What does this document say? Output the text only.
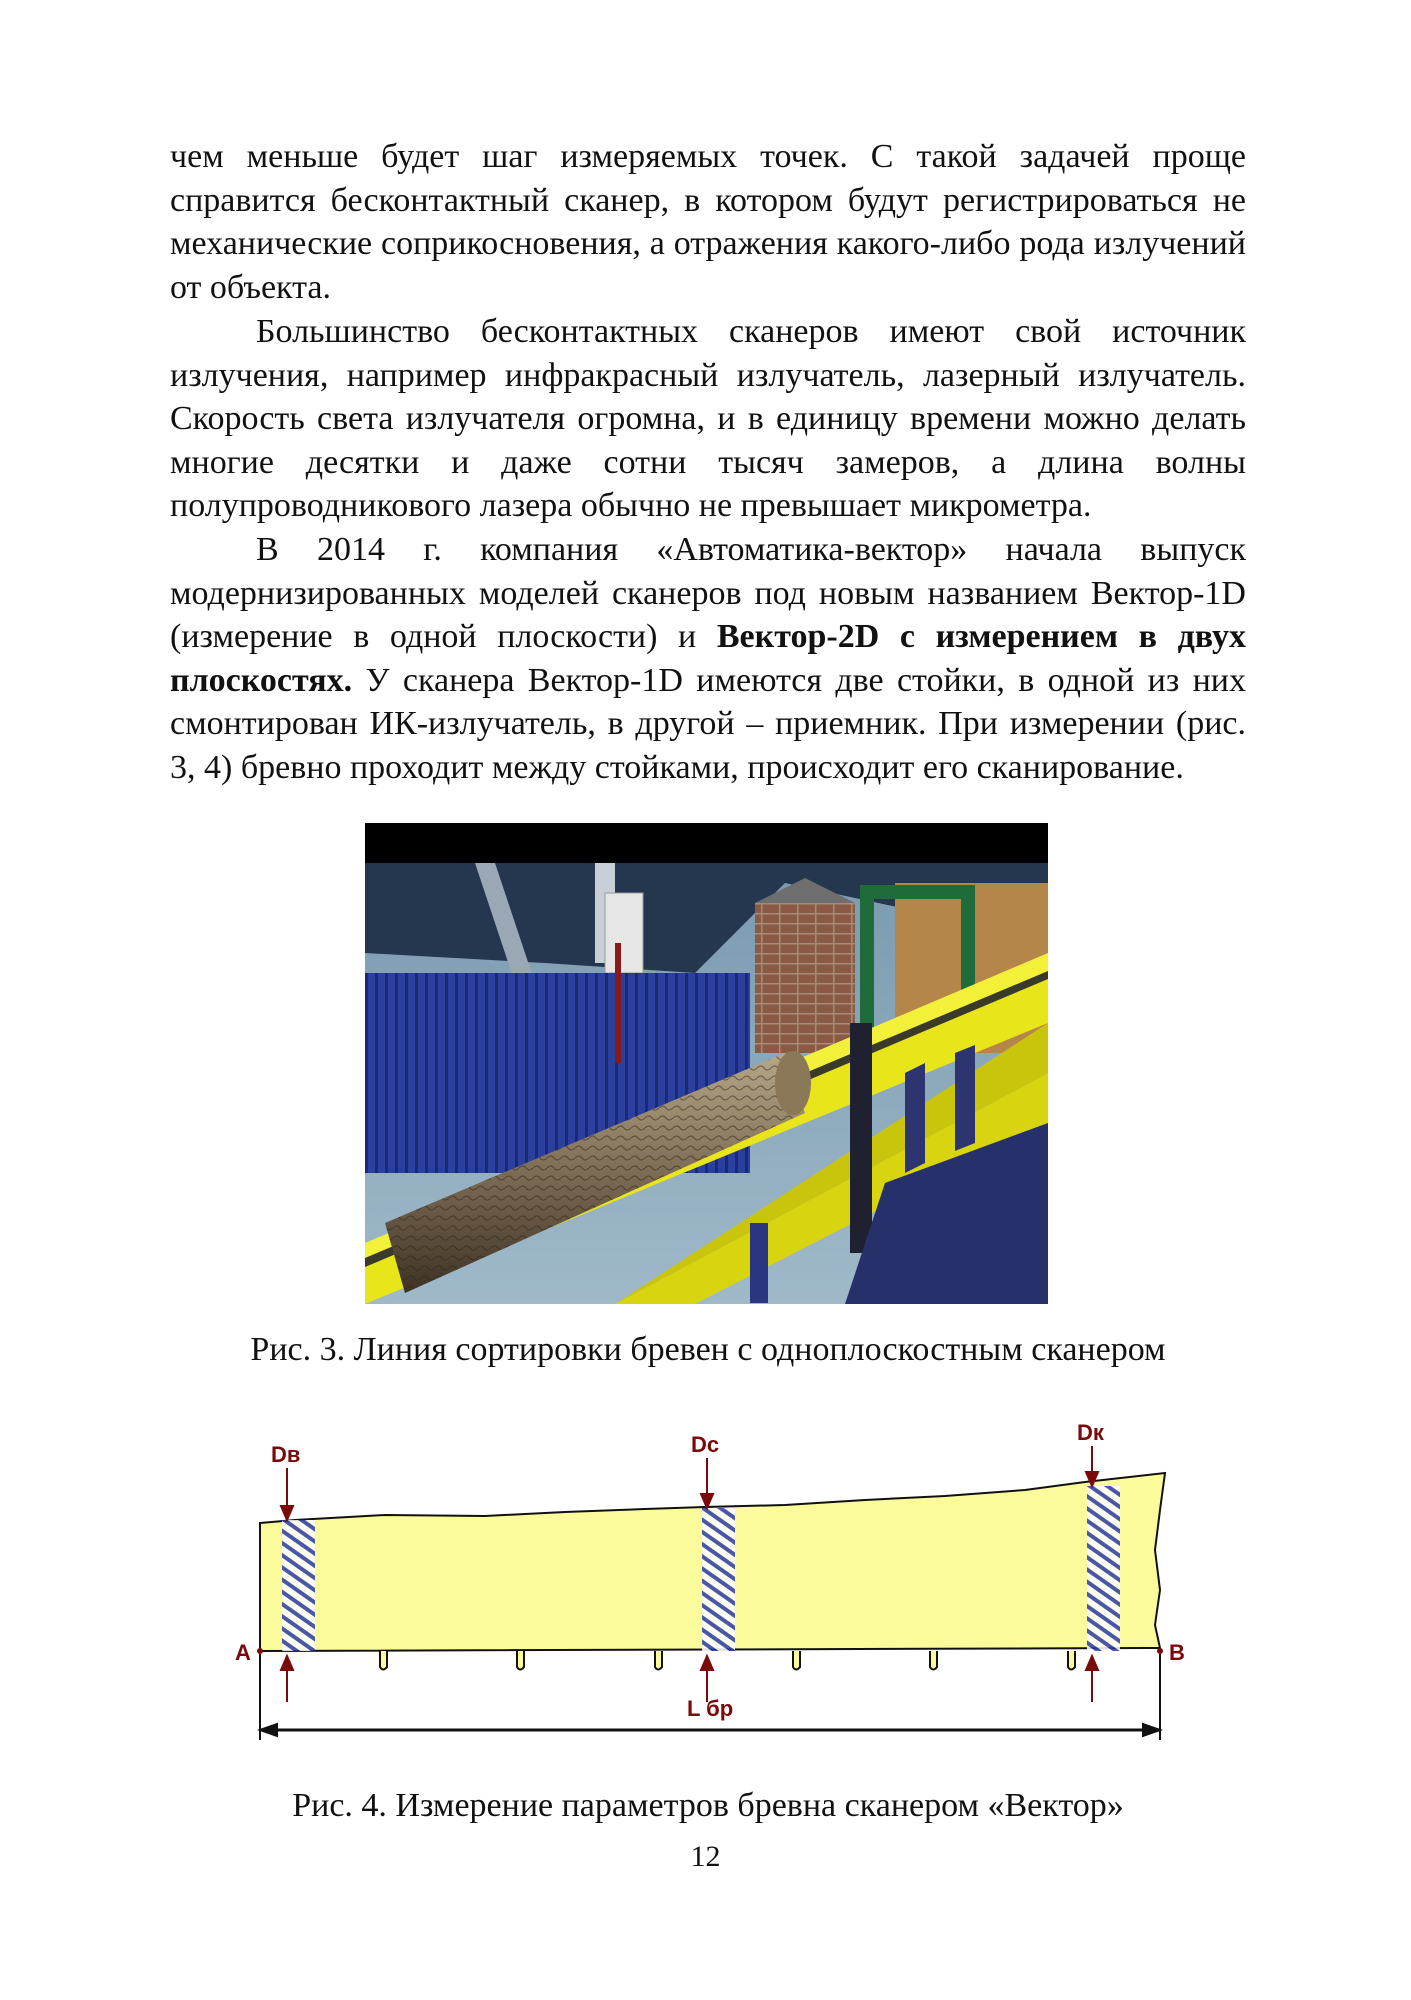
чем меньше будет шаг измеряемых точек. С такой задачей проще справится бесконтактный сканер, в котором будут регистрироваться не механические соприкосновения, а отражения какого-либо рода излучений от объекта.

Большинство бесконтактных сканеров имеют свой источник излучения, например инфракрасный излучатель, лазерный излучатель. Скорость света излучателя огромна, и в единицу времени можно делать многие десятки и даже сотни тысяч замеров, а длина волны полупроводникового лазера обычно не превышает микрометра.

В 2014 г. компания «Автоматика-вектор» начала выпуск модернизированных моделей сканеров под новым названием Вектор-1D (измерение в одной плоскости) и Вектор-2D с измерением в двух плоскостях. У сканера Вектор-1D имеются две стойки, в одной из них смонтирован ИК-излучатель, в другой – приемник. При измерении (рис. 3, 4) бревно проходит между стойками, происходит его сканирование.

Рис. 3. Линия сортировки бревен с одноплоскостным сканером
A	B
Dв	Dс	Dк
L бр
Рис. 4. Измерение параметров бревна сканером «Вектор»
12
